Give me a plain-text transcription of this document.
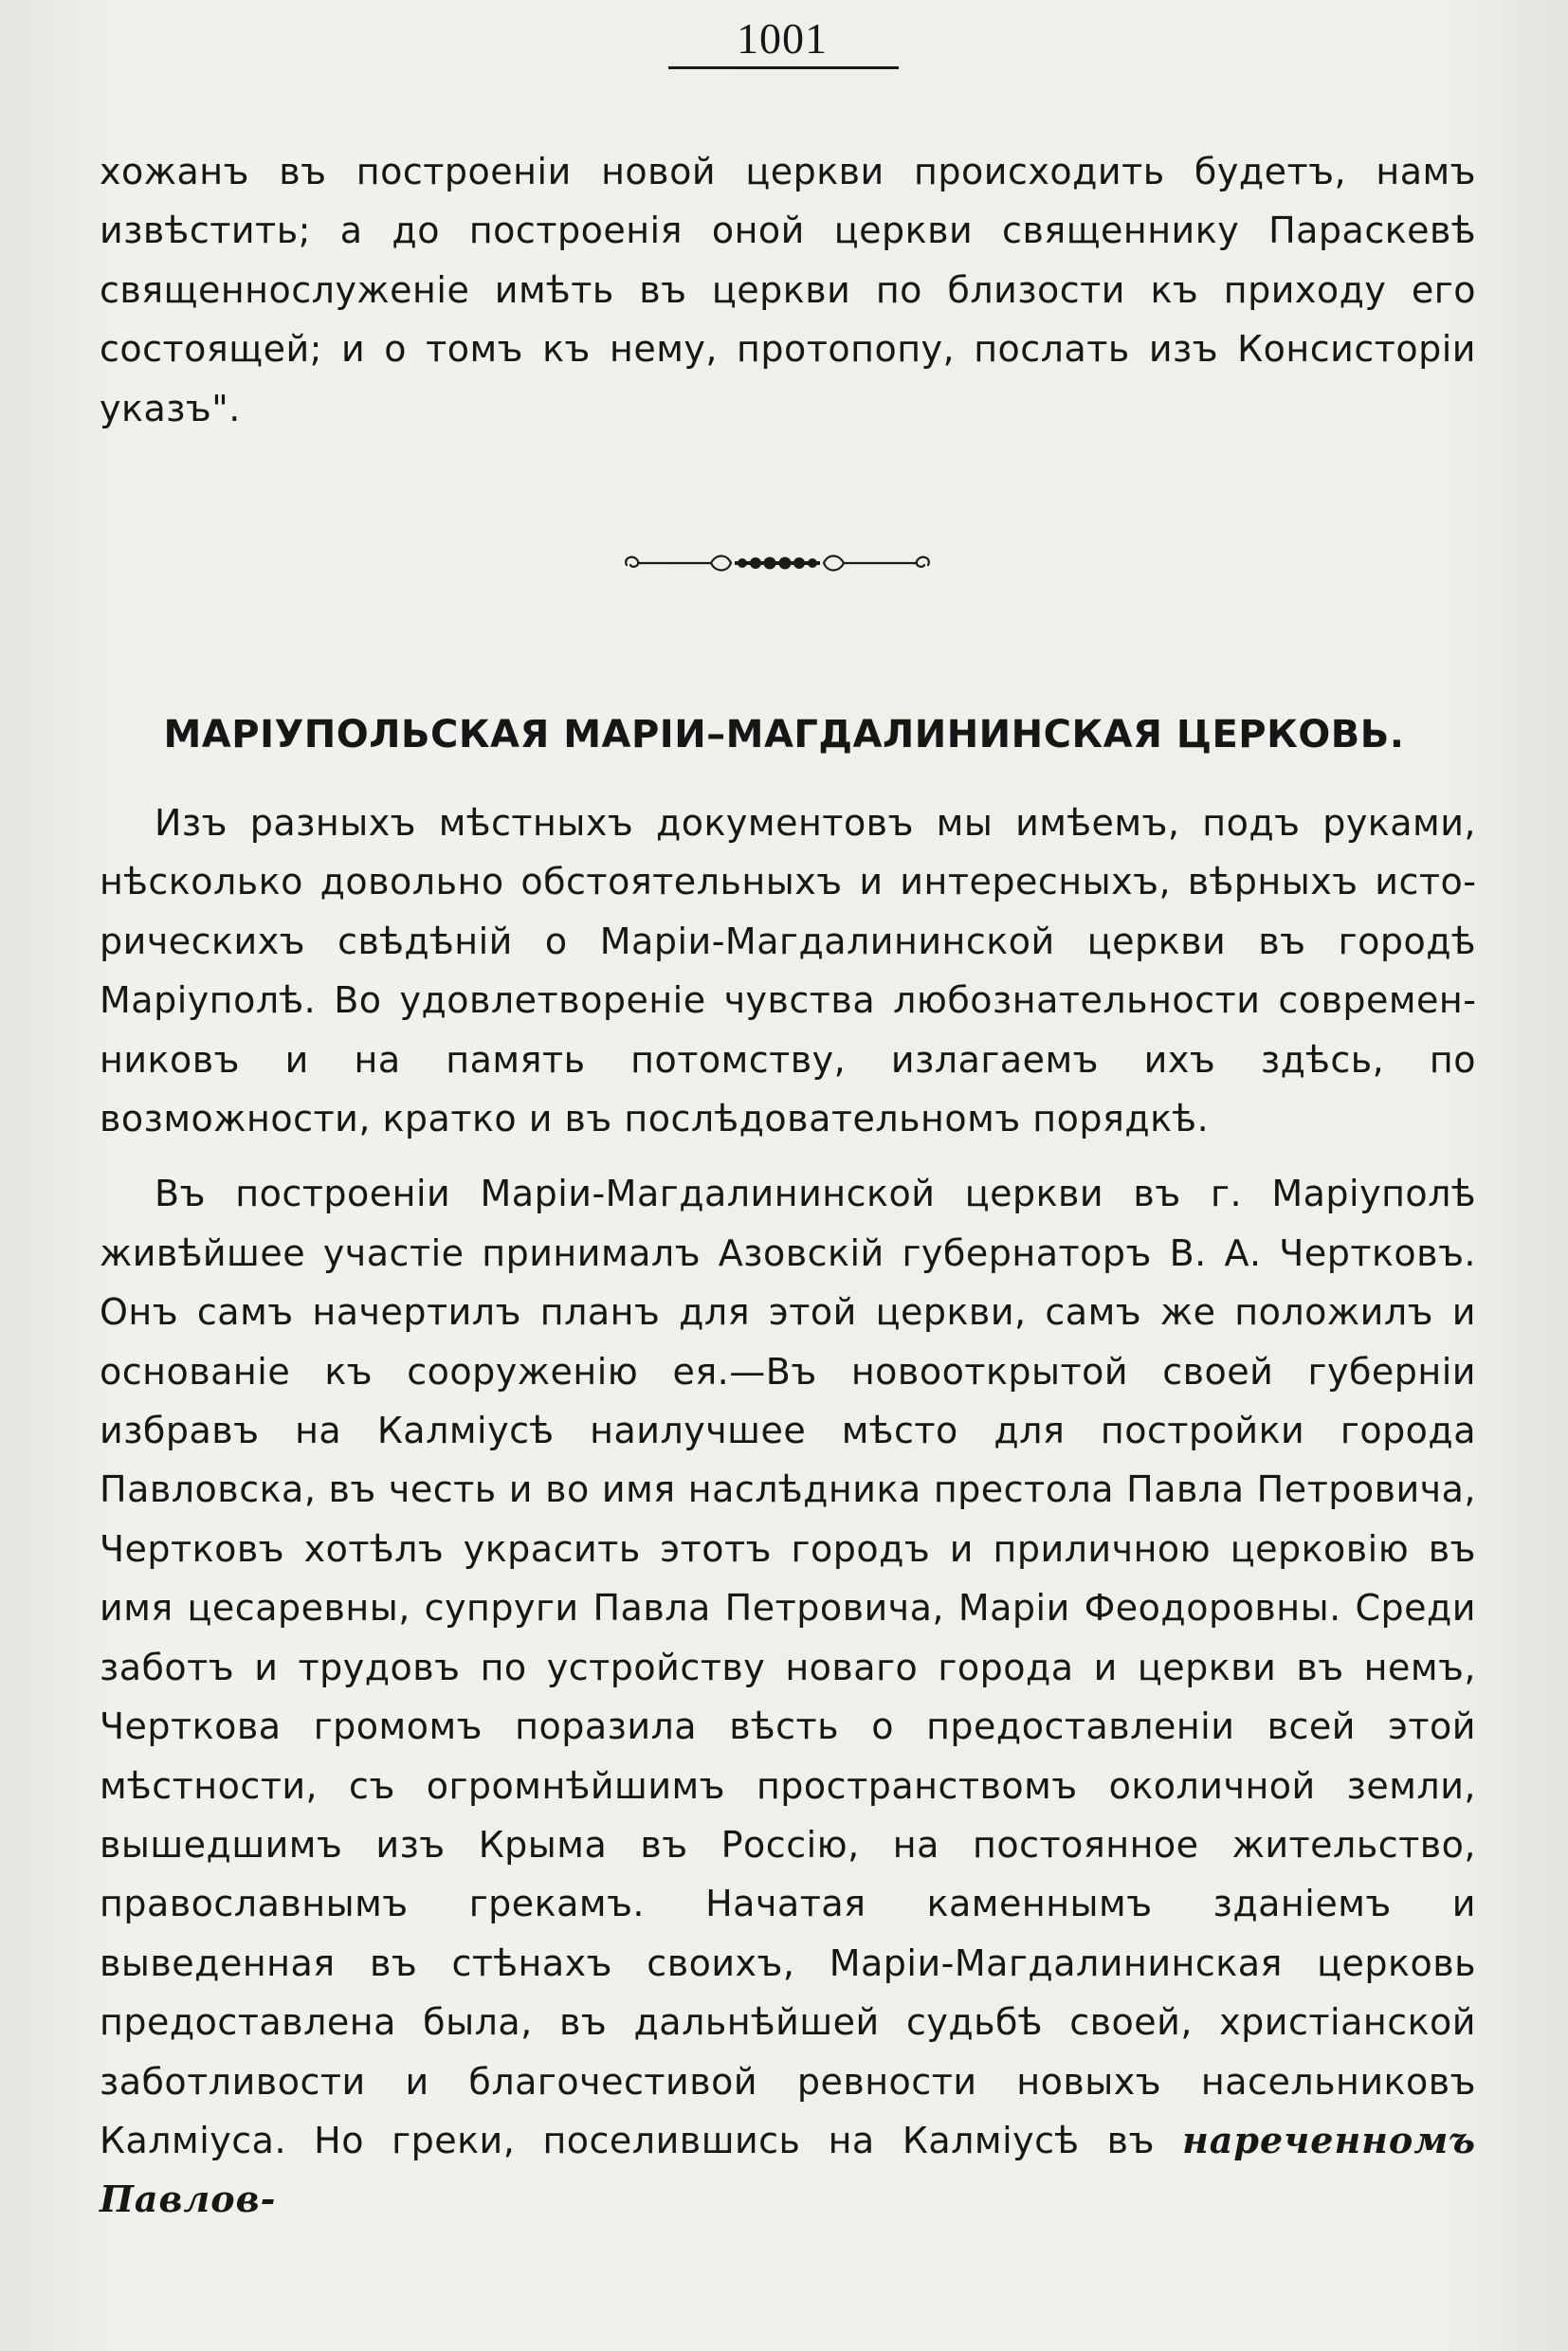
1001

хожанъ въ построеніи новой церкви происходить будетъ, намъ извѣстить; а до построенія оной церкви священнику Параскевѣ священнослуженіе имѣть въ церкви по близости къ приходу его состоящей; и о томъ къ нему, протопопу, послать изъ Консисторіи указъ".

МАРІУПОЛЬСКАЯ МАРІИ–МАГДАЛИНИНСКАЯ ЦЕРКОВЬ.

Изъ разныхъ мѣстныхъ документовъ мы имѣемъ, подъ руками, нѣсколько довольно обстоятельныхъ и интересныхъ, вѣрныхъ историческихъ свѣдѣній о Маріи-Магдалининской церкви въ городѣ Маріуполѣ. Во удовлетвореніе чувства любознательности современниковъ и на память потомству, излагаемъ ихъ здѣсь, по возможности, кратко и въ послѣдовательномъ порядкѣ.

Въ построеніи Маріи-Магдалининской церкви въ г. Маріуполѣ живѣйшее участіе принималъ Азовскій губернаторъ В. А. Чертковъ. Онъ самъ начертилъ планъ для этой церкви, самъ же положилъ и основаніе къ сооруженію ея.—Въ новооткрытой своей губерніи избравъ на Калміусѣ наилучшее мѣсто для постройки города Павловска, въ честь и во имя наслѣдника престола Павла Петровича, Чертковъ хотѣлъ украсить этотъ городъ и приличною церковію въ имя цесаревны, супруги Павла Петровича, Маріи Феодоровны. Среди заботъ и трудовъ по устройству новаго города и церкви въ немъ, Черткова громомъ поразила вѣсть о предоставленіи всей этой мѣстности, съ огромнѣйшимъ пространствомъ околичной земли, вышедшимъ изъ Крыма въ Россію, на постоянное жительство, православнымъ грекамъ. Начатая каменнымъ зданіемъ и выведенная въ стѣнахъ своихъ, Маріи-Магдалининская церковь предоставлена была, въ дальнѣйшей судьбѣ своей, христіанской заботливости и благочестивой ревности новыхъ насельниковъ Калміуса. Но греки, поселившись на Калміусѣ въ нареченномъ Павлов-
